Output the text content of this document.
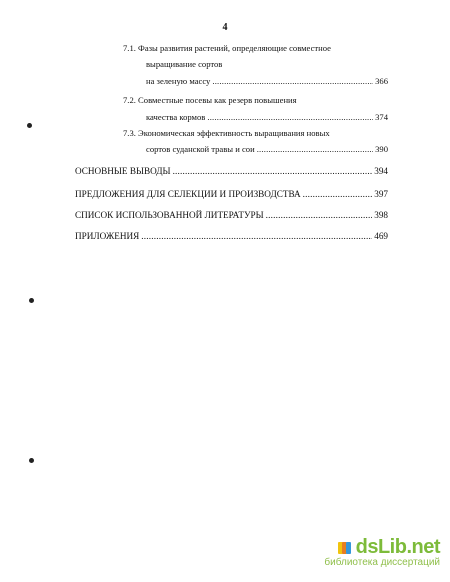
4
7.1. Фазы развития растений, определяющие совместное
выращивание сортов
на зеленую массу .....	366
7.2. Совместные посевы как резерв повышения
качества кормов .....	374
7.3. Экономическая эффективность выращивания новых
сортов суданской травы и сои .....	390
ОСНОВНЫЕ ВЫВОДЫ .....	394
ПРЕДЛОЖЕНИЯ ДЛЯ СЕЛЕКЦИИ И ПРОИЗВОДСТВА .....	397
СПИСОК ИСПОЛЬЗОВАННОЙ ЛИТЕРАТУРЫ .....	398
ПРИЛОЖЕНИЯ .....	469
dsLib.net
библиотека диссертаций
